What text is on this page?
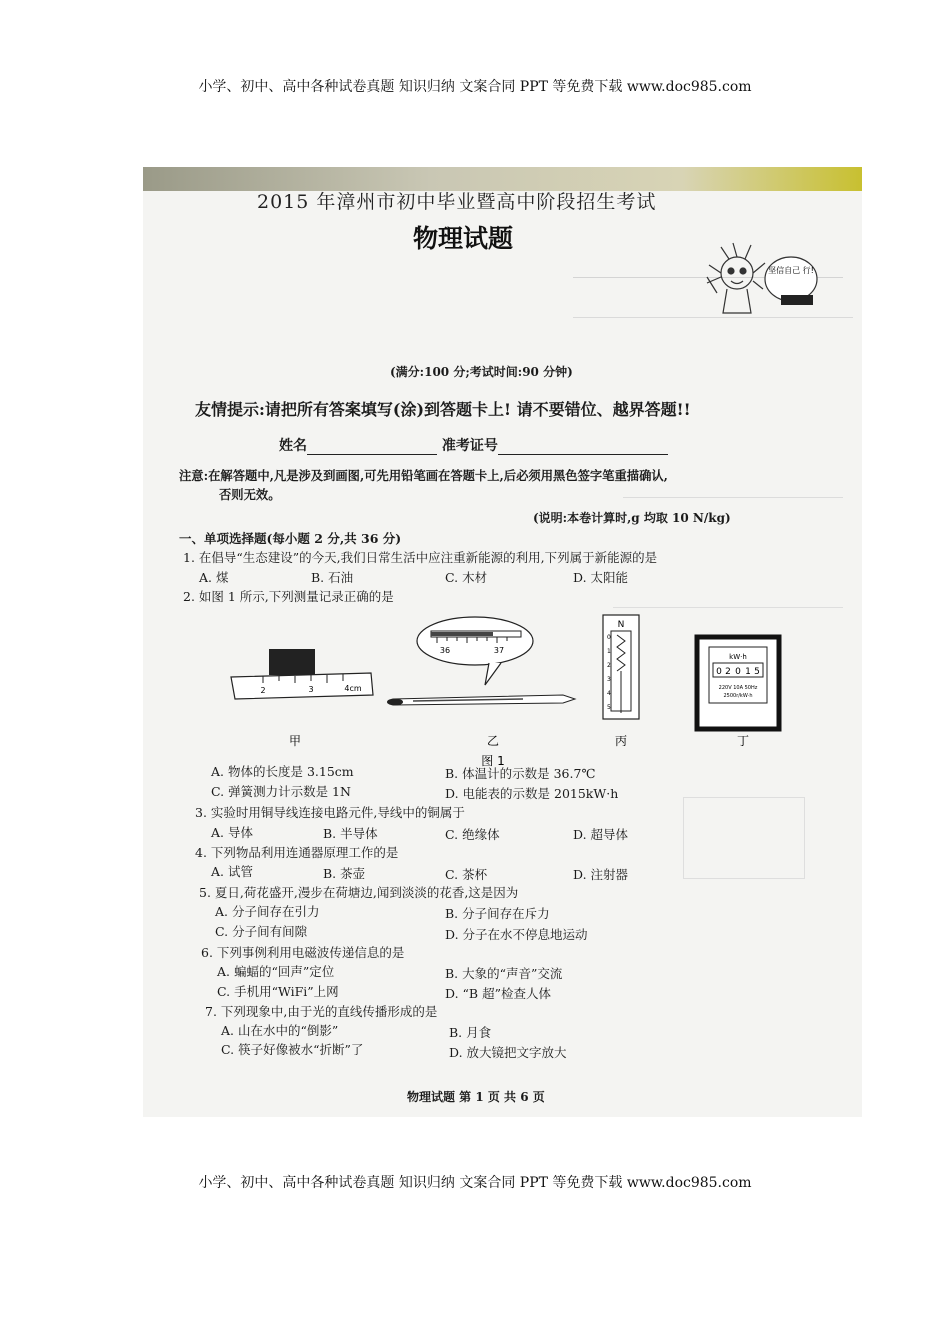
小学、初中、高中各种试卷真题 知识归纳 文案合同 PPT 等免费下载 www.doc985.com
2015 年漳州市初中毕业暨高中阶段招生考试
物理试题
坚信自己 行!
(满分:100 分;考试时间:90 分钟)
友情提示:请把所有答案填写(涂)到答题卡上! 请不要错位、越界答题!!
姓名	准考证号
注意:在解答题中,凡是涉及到画图,可先用铅笔画在答题卡上,后必须用黑色签字笔重描确认,
否则无效。
(说明:本卷计算时,g 均取 10 N/kg)
一、单项选择题(每小题 2 分,共 36 分)
1. 在倡导“生态建设”的今天,我们日常生活中应注重新能源的利用,下列属于新能源的是
A. 煤	B. 石油	C. 木材	D. 太阳能
2. 如图 1 所示,下列测量记录正确的是
2	3	4cm
甲
36	37
乙
图 1
N
0
1
2
3
4
5
丙
kW·h
0 2 0 1 5
220V 10A 50Hz
2500r/kW·h
丁
A. 物体的长度是 3.15cm	B. 体温计的示数是 36.7℃
C. 弹簧测力计示数是 1N	D. 电能表的示数是 2015kW·h
3. 实验时用铜导线连接电路元件,导线中的铜属于
A. 导体	B. 半导体	C. 绝缘体	D. 超导体
4. 下列物品利用连通器原理工作的是
A. 试管	B. 茶壶	C. 茶杯	D. 注射器
5. 夏日,荷花盛开,漫步在荷塘边,闻到淡淡的花香,这是因为
A. 分子间存在引力	B. 分子间存在斥力
C. 分子间有间隙	D. 分子在水不停息地运动
6. 下列事例利用电磁波传递信息的是
A. 蝙蝠的“回声”定位	B. 大象的“声音”交流
C. 手机用“WiFi”上网	D. “B 超”检查人体
7. 下列现象中,由于光的直线传播形成的是
A. 山在水中的“倒影”	B. 月食
C. 筷子好像被水“折断”了	D. 放大镜把文字放大
物理试题 第 1 页 共 6 页
小学、初中、高中各种试卷真题 知识归纳 文案合同 PPT 等免费下载 www.doc985.com
